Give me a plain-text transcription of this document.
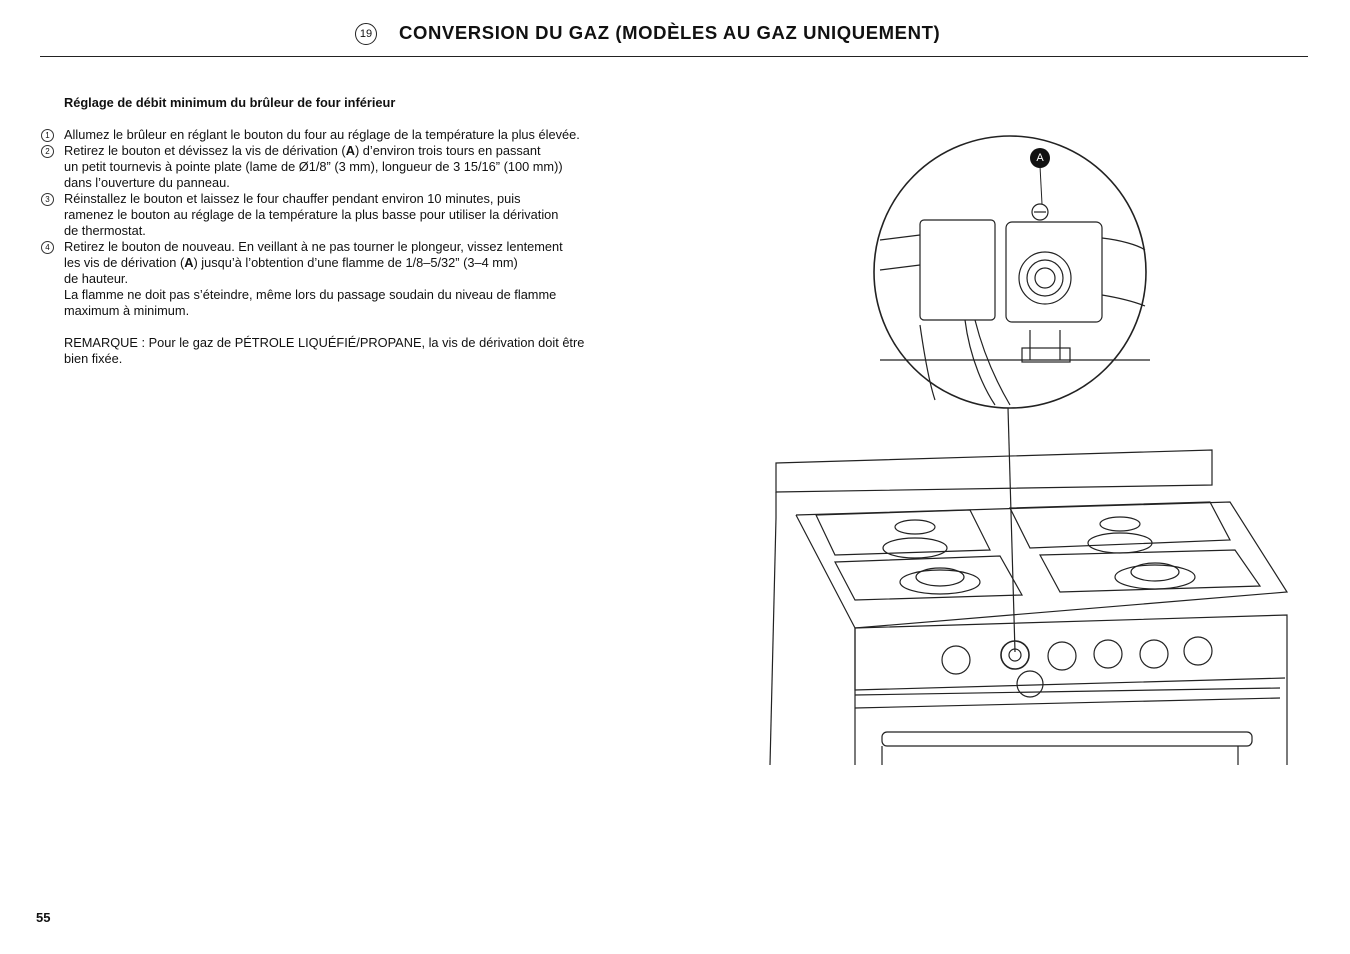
19 CONVERSION DU GAZ (MODÈLES AU GAZ UNIQUEMENT)
Réglage de débit minimum du brûleur de four inférieur
1	Allumez le brûleur en réglant le bouton du four au réglage de la température la plus élevée.
2	Retirez le bouton et dévissez la vis de dérivation (A) d’environ trois tours en passant
un petit tournevis à pointe plate (lame de Ø1/8” (3 mm), longueur de 3 15/16” (100 mm))
dans l’ouverture du panneau.
3	Réinstallez le bouton et laissez le four chauffer pendant environ 10 minutes, puis
ramenez le bouton au réglage de la température la plus basse pour utiliser la dérivation
de thermostat.
4	Retirez le bouton de nouveau. En veillant à ne pas tourner le plongeur, vissez lentement
les vis de dérivation (A) jusqu’à l’obtention d’une flamme de 1/8–5/32” (3–4 mm)
de hauteur.
La flamme ne doit pas s’éteindre, même lors du passage soudain du niveau de flamme
maximum à minimum.
REMARQUE : Pour le gaz de PÉTROLE LIQUÉFIÉ/PROPANE, la vis de dérivation doit être
bien fixée.
A
55
